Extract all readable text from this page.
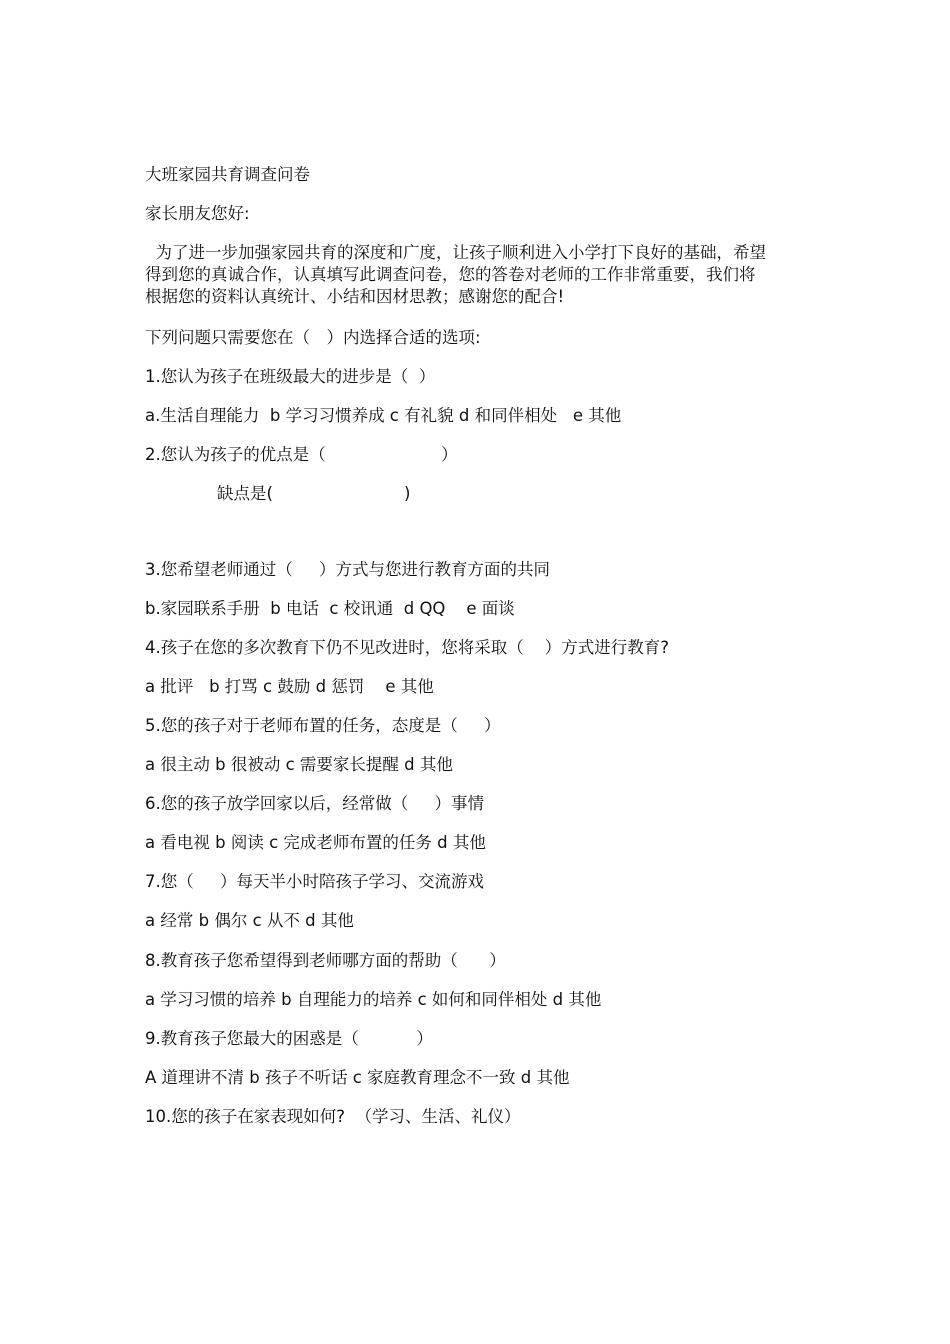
大班家园共育调查问卷

家长朋友您好:

为了进一步加强家园共育的深度和广度，让孩子顺利进入小学打下良好的基础，希望
得到您的真诚合作，认真填写此调查问卷，您的答卷对老师的工作非常重要，我们将
根据您的资料认真统计、小结和因材思教；感谢您的配合!

下列问题只需要您在（　）内选择合适的选项:

1.您认为孩子在班级最大的进步是（  ）

a.生活自理能力  b 学习习惯养成 c 有礼貌 d 和同伴相处   e 其他

2.您认为孩子的优点是（                      ）

缺点是(                         )

3.您希望老师通过（     ）方式与您进行教育方面的共同

b.家园联系手册  b 电话  c 校讯通  d QQ    e 面谈

4.孩子在您的多次教育下仍不见改进时，您将采取（    ）方式进行教育?

a 批评   b 打骂 c 鼓励 d 惩罚    e 其他

5.您的孩子对于老师布置的任务，态度是（     ）

a 很主动 b 很被动 c 需要家长提醒 d 其他

6.您的孩子放学回家以后，经常做（     ）事情

a 看电视 b 阅读 c 完成老师布置的任务 d 其他

7.您（     ）每天半小时陪孩子学习、交流游戏

a 经常 b 偶尔 c 从不 d 其他

8.教育孩子您希望得到老师哪方面的帮助（      ）

a 学习习惯的培养 b 自理能力的培养 c 如何和同伴相处 d 其他

9.教育孩子您最大的困惑是（           ）

A 道理讲不清 b 孩子不听话 c 家庭教育理念不一致 d 其他

10.您的孩子在家表现如何?  （学习、生活、礼仪）
